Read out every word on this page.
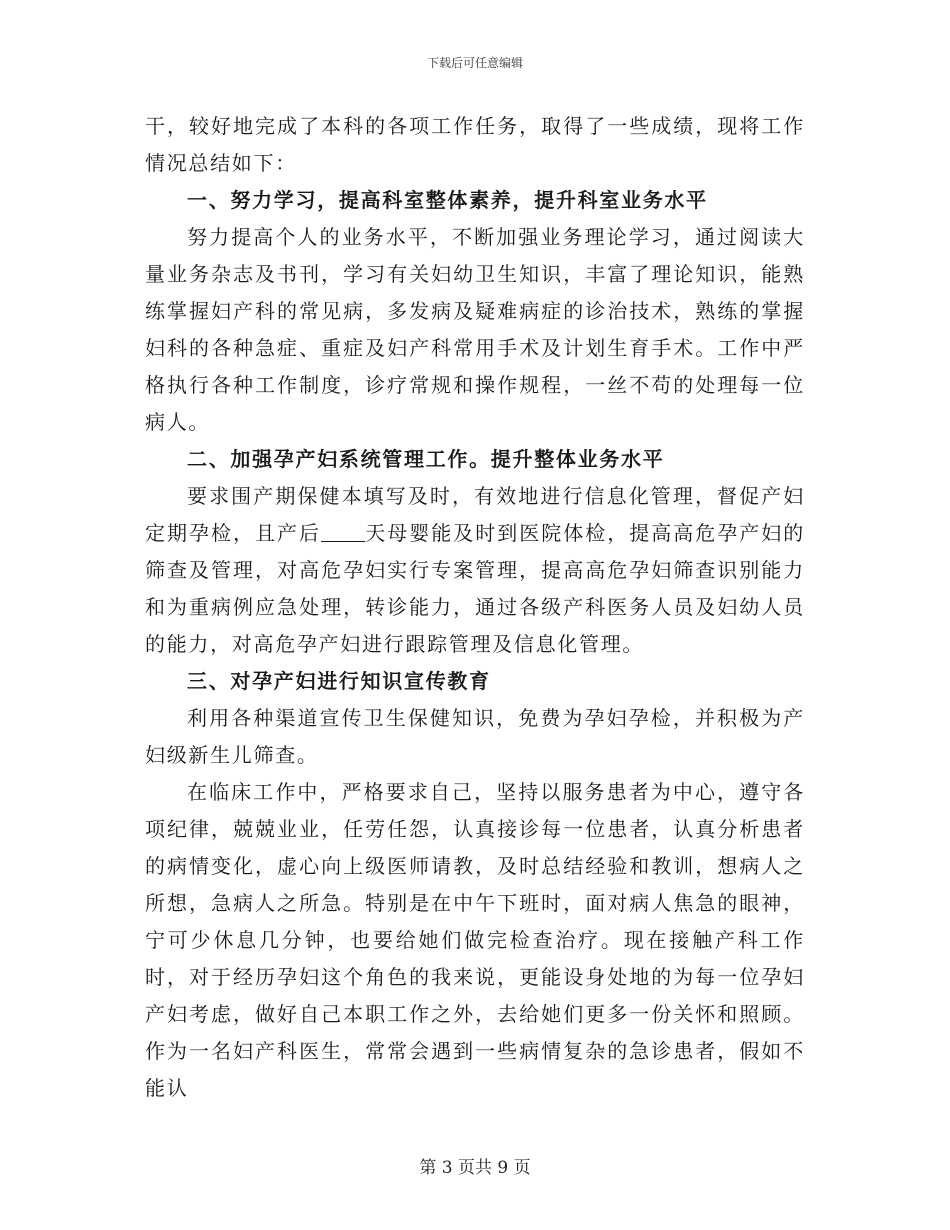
下载后可任意编辑

干，较好地完成了本科的各项工作任务，取得了一些成绩，现将工作情况总结如下：

一、努力学习，提高科室整体素养，提升科室业务水平

努力提高个人的业务水平，不断加强业务理论学习，通过阅读大量业务杂志及书刊，学习有关妇幼卫生知识，丰富了理论知识，能熟练掌握妇产科的常见病，多发病及疑难病症的诊治技术，熟练的掌握妇科的各种急症、重症及妇产科常用手术及计划生育手术。工作中严格执行各种工作制度，诊疗常规和操作规程，一丝不苟的处理每一位病人。

二、加强孕产妇系统管理工作。提升整体业务水平

要求围产期保健本填写及时，有效地进行信息化管理，督促产妇定期孕检，且产后 天母婴能及时到医院体检，提高高危孕产妇的筛查及管理，对高危孕妇实行专案管理，提高高危孕妇筛查识别能力和为重病例应急处理，转诊能力，通过各级产科医务人员及妇幼人员的能力，对高危孕产妇进行跟踪管理及信息化管理。

三、对孕产妇进行知识宣传教育

利用各种渠道宣传卫生保健知识，免费为孕妇孕检，并积极为产妇级新生儿筛查。

在临床工作中，严格要求自己，坚持以服务患者为中心，遵守各项纪律，兢兢业业，任劳任怨，认真接诊每一位患者，认真分析患者的病情变化，虚心向上级医师请教，及时总结经验和教训，想病人之所想，急病人之所急。特别是在中午下班时，面对病人焦急的眼神，宁可少休息几分钟，也要给她们做完检查治疗。现在接触产科工作时，对于经历孕妇这个角色的我来说，更能设身处地的为每一位孕妇产妇考虑，做好自己本职工作之外，去给她们更多一份关怀和照顾。作为一名妇产科医生，常常会遇到一些病情复杂的急诊患者，假如不能认

第 3 页共 9 页
